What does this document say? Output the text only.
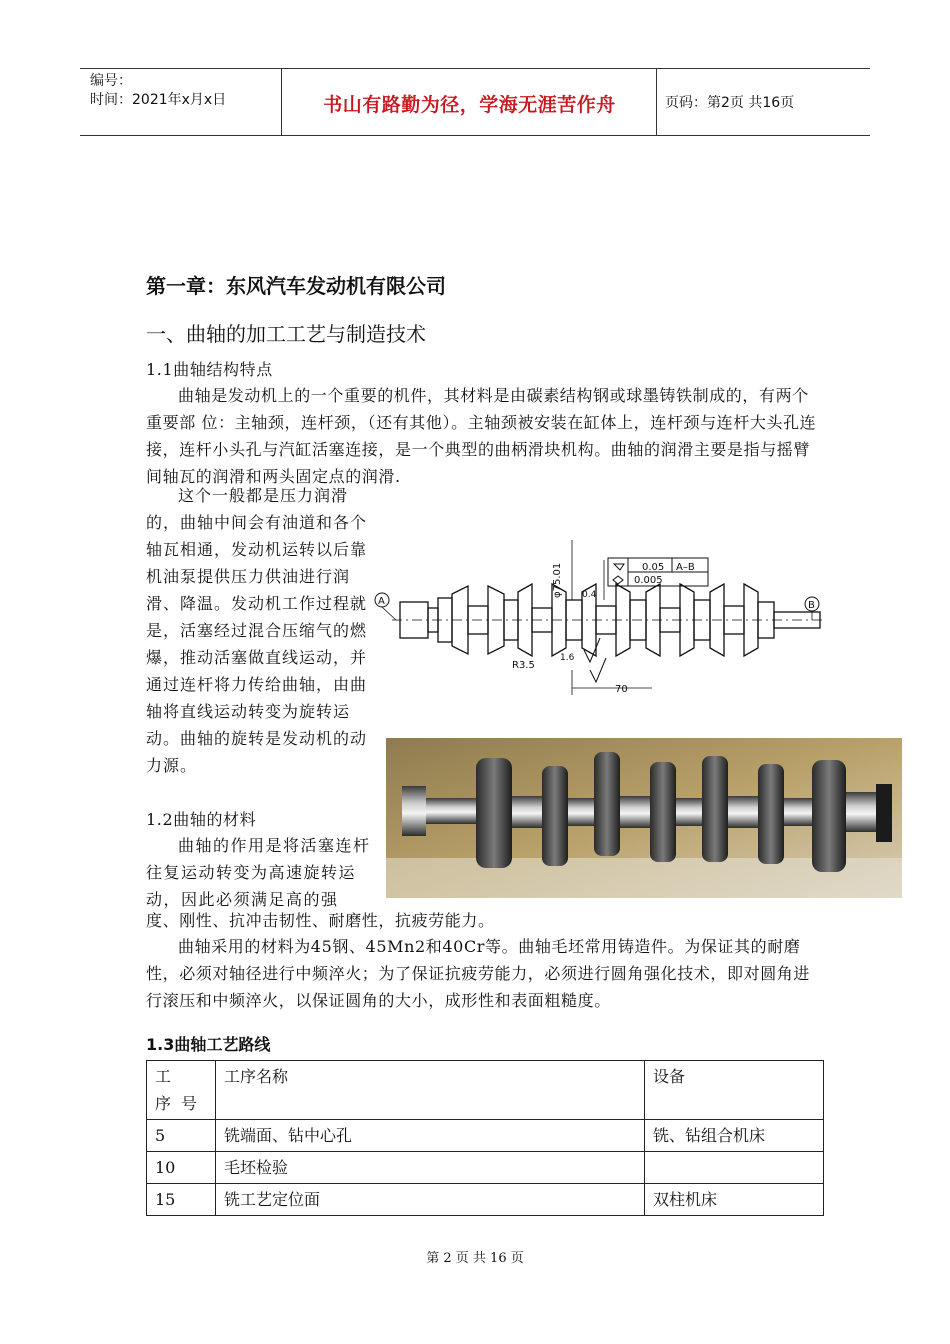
编号：
时间：2021年x月x日	书山有路勤为径，学海无涯苦作舟	页码：第2页 共16页
第一章：东风汽车发动机有限公司
一、曲轴的加工工艺与制造技术
1.1曲轴结构特点
曲轴是发动机上的一个重要的机件，其材料是由碳素结构钢或球墨铸铁制成的，有两个重要部 位：主轴颈，连杆颈，（还有其他）。主轴颈被安装在缸体上，连杆颈与连杆大头孔连接，连杆小头孔与汽缸活塞连接，是一个典型的曲柄滑块机构。曲轴的润滑主要是指与摇臂间轴瓦的润滑和两头固定点的润滑.
这个一般都是压力润滑的，曲轴中间会有油道和各个轴瓦相通，发动机运转以后靠机油泵提供压力供油进行润滑、降温。发动机工作过程就是，活塞经过混合压缩气的燃爆，推动活塞做直线运动，并通过连杆将力传给曲轴，由曲轴将直线运动转变为旋转运动。曲轴的旋转是发动机的动力源。
φ75.01	0.05 A–B
0.005
A	B
R3.5
70
1.6
0.4
1.2曲轴的材料
曲轴的作用是将活塞连杆往复运动转变为高速旋转运动，因此必须满足高的强
度、刚性、抗冲击韧性、耐磨性，抗疲劳能力。
曲轴采用的材料为45钢、45Mn2和40Cr等。曲轴毛坯常用铸造件。为保证其的耐磨性，必须对轴径进行中频淬火；为了保证抗疲劳能力，必须进行圆角强化技术，即对圆角进行滚压和中频淬火，以保证圆角的大小，成形性和表面粗糙度。
1.3曲轴工艺路线
工　序号	工序名称	设备
5	铣端面、钻中心孔	铣、钻组合机床
10	毛坯检验	
15	铣工艺定位面	双柱机床
第 2 页 共 16 页
